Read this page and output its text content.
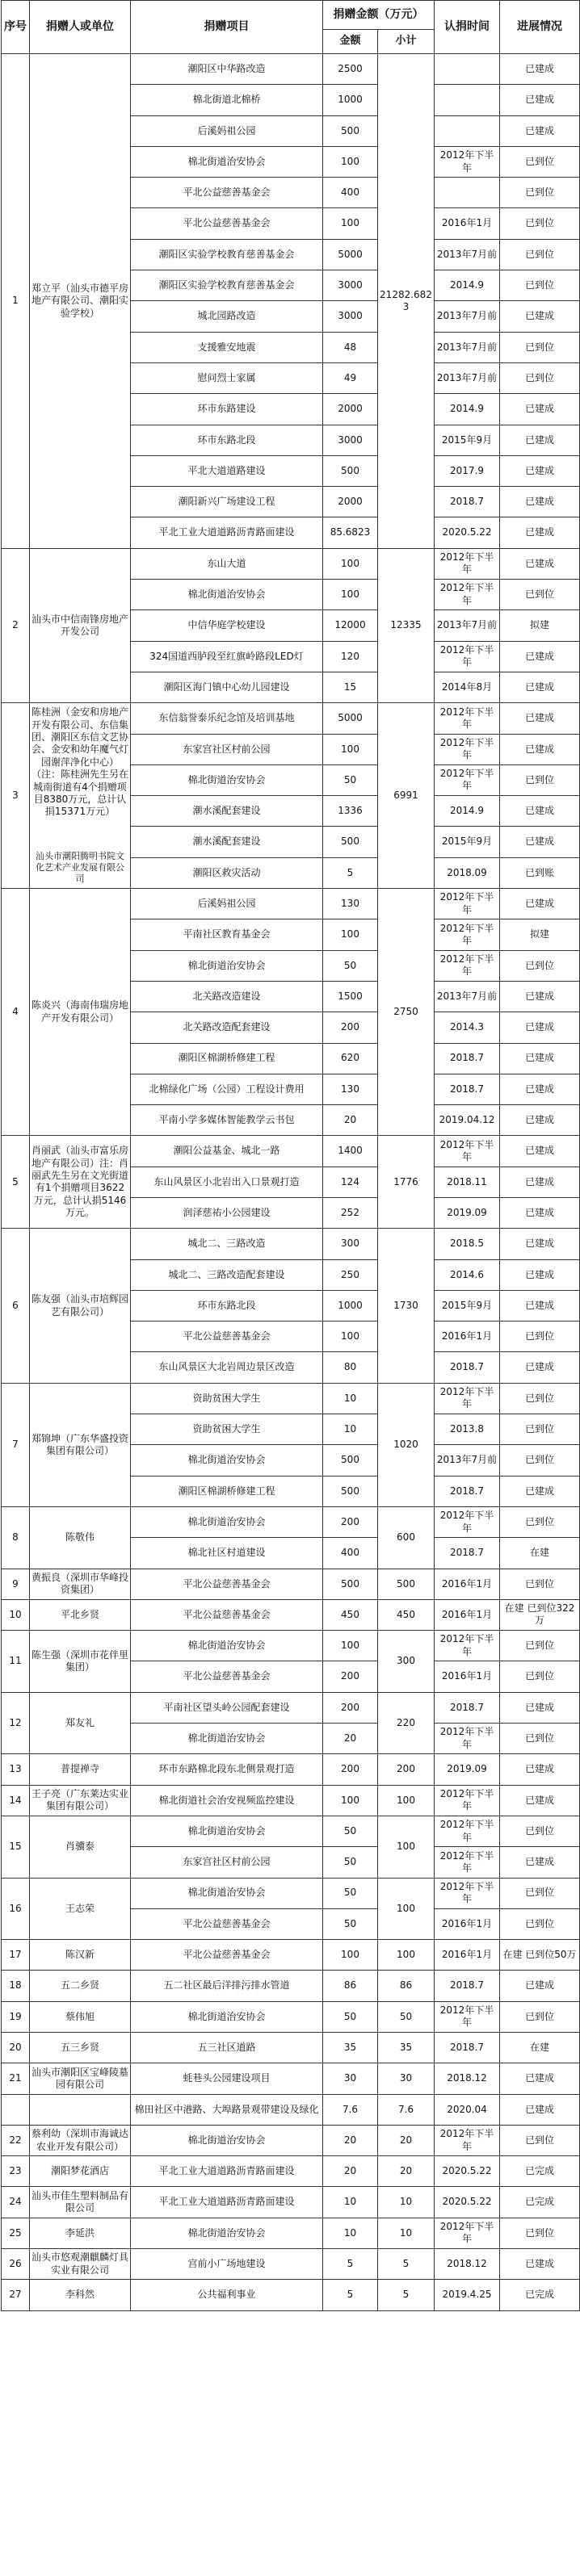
序号	捐赠人或单位	捐赠项目	捐赠金额（万元）		认捐时间	进展情况
			金额	小计		
1	郑立平（汕头市德平房地产有限公司、潮阳实验学校）	潮阳区中华路改造	2500	21282.6823		已建成
		棉北街道北棉桥	1000			已建成
		后溪妈祖公园	500			已建成
		棉北街道治安协会	100		2012年下半年	已到位
		平北公益慈善基金会	400			已到位
		平北公益慈善基金会	100		2016年1月	已到位
		潮阳区实验学校教育慈善基金会	5000		2013年7月前	已到位
		潮阳区实验学校教育慈善基金会	3000		2014.9	已到位
		城北园路改造	3000		2013年7月前	已建成
		支援雅安地震	48		2013年7月前	已到位
		慰问烈士家属	49		2013年7月前	已到位
		环市东路建设	2000		2014.9	已建成
		环市东路北段	3000		2015年9月	已建成
		平北大道道路建设	500		2017.9	已建成
		潮阳新兴广场建设工程	2000		2018.7	已建成
		平北工业大道道路沥青路面建设	85.6823		2020.5.22	已建成
2	汕头市中信南锋房地产开发公司	东山大道	100	12335	2012年下半年	已建成
		棉北街道治安协会	100		2012年下半年	已到位
		中信华庭学校建设	12000		2013年7月前	拟建
		324国道西胪段至红旗岭路段LED灯	120		2012年下半年	已建成
		潮阳区海门镇中心幼儿园建设	15		2014年8月	已建成
3	陈桂洲（金安和房地产开发有限公司、东信集团、潮阳区东信文艺协会、金安和幼年魔气灯园谢萍净化中心）（注：陈桂洲先生另在城南街道有4个捐赠项目8380万元，总计认捐15371万元）
汕头市潮阳腾明书院文化艺术产业发展有限公司	东信翁誉泰乐纪念馆及培训基地	5000	6991	2012年下半年	已建成
		东家宫社区村前公园	100		2012年下半年	已建成
		棉北街道治安协会	50		2012年下半年	已到位
		潮水溪配套建设	1336		2014.9	已建成
		潮水溪配套建设	500		2015年9月	已建成
		潮阳区救灾活动	5		2018.09	已到账
4	陈炎兴（海南伟瑞房地产开发有限公司）	后溪妈祖公园	130	2750	2012年下半年	已建成
		平南社区教育基金会	100		2012年下半年	拟建
		棉北街道治安协会	50		2012年下半年	已到位
		北关路改造建设	1500		2013年7月前	已建成
		北关路改造配套建设	200		2014.3	已建成
		潮阳区棉湖桥修建工程	620		2018.7	已建成
		北棉绿化广场（公园）工程设计费用	130		2018.7	已建成
		平南小学多媒体智能教学云书包	20		2019.04.12	已建成
5	肖丽武（汕头市富乐房地产有限公司）注：肖丽武先生另在文光街道有1个捐赠项目3622万元，总计认捐5146万元。	潮阳公益基金、城北一路	1400	1776	2012年下半年	已建成
		东山风景区小北岩出入口景观打造	124		2018.11	已建成
		润泽慈祐小公园建设	252		2019.09	已建成
6	陈友强（汕头市培辉园艺有限公司）	城北二、三路改造	300	1730	2018.5	已建成
		城北二、三路改造配套建设	250		2014.6	已建成
		环市东路北段	1000		2015年9月	已建成
		平北公益慈善基金会	100		2016年1月	已到位
		东山风景区大北岩周边景区改造	80		2018.7	已建成
7	郑锦坤（广东华盛投资集团有限公司）	资助贫困大学生	10	1020	2012年下半年	已到位
		资助贫困大学生	10		2013.8	已到位
		棉北街道治安协会	500		2013年7月前	已到位
		潮阳区棉湖桥修建工程	500		2018.7	已建成
8	陈敬伟	棉北街道治安协会	200	600	2012年下半年	已到位
		棉北社区村道建设	400		2018.7	在建
9	黄振良（深圳市华峰投资集团）	平北公益慈善基金会	500	500	2016年1月	已到位
10	平北乡贤	平北公益慈善基金会	450	450	2016年1月	在建 已到位322万
11	陈生强（深圳市花伴里集团）	棉北街道治安协会	100	300	2012年下半年	已到位
		平北公益慈善基金会	200		2016年1月	已到位
12	郑友礼	平南社区望头岭公园配套建设	200	220	2018.7	已建成
		棉北街道治安协会	20		2012年下半年	已到位
13	普提禅寺	环市东路棉北段东北侧景观打造	200	200	2019.09	已建成
14	王子亮（广东莱达实业集团有限公司）	棉北街道社会治安视频监控建设	100	100	2012年下半年	已建成
15	肖骥泰	棉北街道治安协会	50	100	2012年下半年	已到位
		东家宫社区村前公园	50		2012年下半年	已建成
16	王志荣	棉北街道治安协会	50	100	2012年下半年	已到位
		平北公益慈善基金会	50		2016年1月	已到位
17	陈汉新	平北公益慈善基金会	100	100	2016年1月	在建 已到位50万
18	五二乡贤	五二社区最后洋排污排水管道	86	86	2018.7	已建成
19	蔡伟旭	棉北街道治安协会	50	50	2012年下半年	已到位
20	五三乡贤	五三社区道路	35	35	2018.7	在建
21	汕头市潮阳区宝峰陵墓园有限公司	蚝巷头公园建设项目	30	30	2018.12	已建成

	棉田社区中港路、大埠路景观带建设及绿化	7.6	7.6	2020.04	已建成
22	蔡利幼（深圳市海诚达农业开发有限公司）	棉北街道治安协会	20	20	2012年下半年	已到位
23	潮阳梦花酒店	平北工业大道道路沥青路面建设	20	20	2020.5.22	已完成
24	汕头市佳生塑料制品有限公司	平北工业大道道路沥青路面建设	10	10	2020.5.22	已完成
25	李延洪	棉北街道治安协会	10	10	2012年下半年	已到位
26	汕头市悠观潮麒麟灯具实业有限公司	宫前小广场地建设	5	5	2018.12	已建成
27	李科然	公共福利事业	5	5	2019.4.25	已完成
